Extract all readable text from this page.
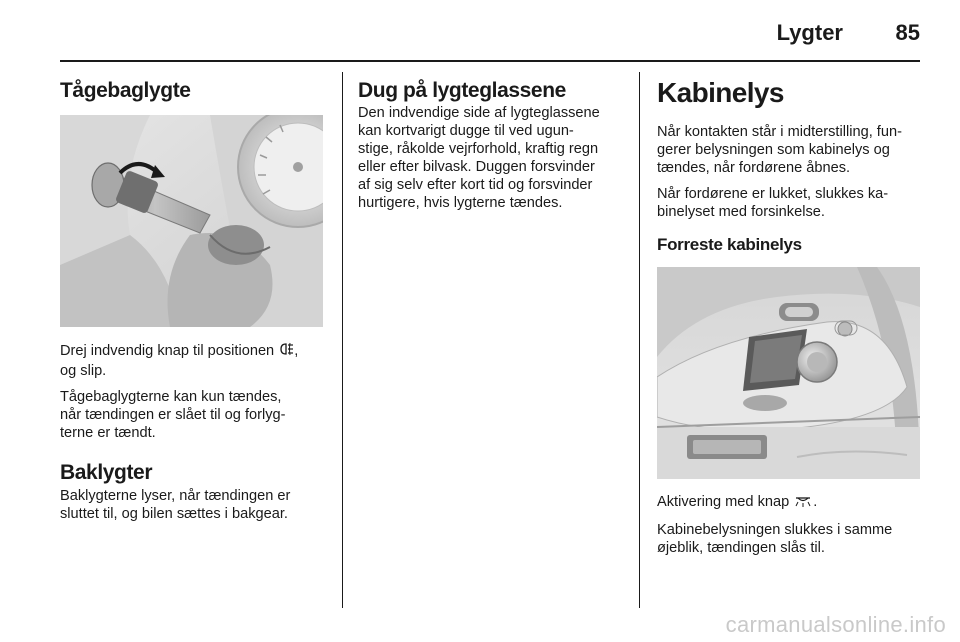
Lygter 85
Tågebaglygte

Drej indvendig knap til positionen ,
og slip.

Tågebaglygterne kan kun tændes,
når tændingen er slået til og forlyg-
terne er tændt.

Baklygter

Baklygterne lyser, når tændingen er
sluttet til, og bilen sættes i bakgear.

Dug på lygteglassene

Den indvendige side af lygteglassene
kan kortvarigt dugge til ved ugun-
stige, råkolde vejrforhold, kraftig regn
eller efter bilvask. Duggen forsvinder
af sig selv efter kort tid og forsvinder
hurtigere, hvis lygterne tændes.

Kabinelys

Når kontakten står i midterstilling, fun-
gerer belysningen som kabinelys og
tændes, når fordørene åbnes.

Når fordørene er lukket, slukkes ka-
binelyset med forsinkelse.

Forreste kabinelys

Aktivering med knap .

Kabinebelysningen slukkes i samme
øjeblik, tændingen slås til.

carmanualsonline.info
